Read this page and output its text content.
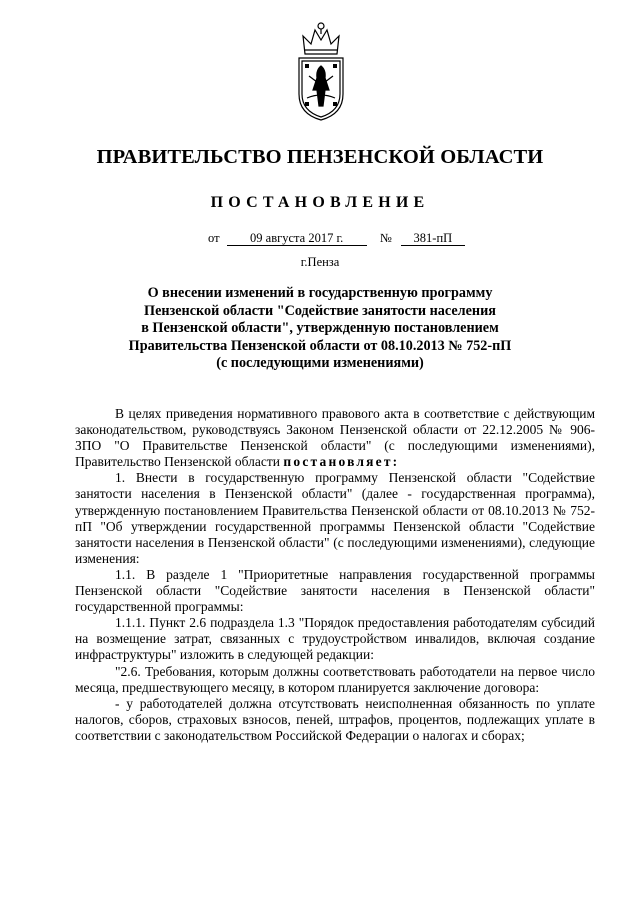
ПРАВИТЕЛЬСТВО ПЕНЗЕНСКОЙ ОБЛАСТИ
ПОСТАНОВЛЕНИЕ
от 09 августа 2017 г.	№ 381-пП
г.Пенза
О внесении изменений в государственную программу
Пензенской области "Содействие занятости населения
в Пензенской области", утвержденную постановлением
Правительства Пензенской области от 08.10.2013 № 752-пП
(с последующими изменениями)

В целях приведения нормативного правового акта в соответствие с действующим законодательством, руководствуясь Законом Пензенской области от 22.12.2005 № 906-ЗПО "О Правительстве Пензенской области" (с последующими изменениями), Правительство Пензенской области постановляет:

1. Внести в государственную программу Пензенской области "Содействие занятости населения в Пензенской области" (далее - государственная программа), утвержденную постановлением Правительства Пензенской области от 08.10.2013 № 752-пП "Об утверждении государственной программы Пензенской области "Содействие занятости населения в Пензенской области" (с последующими изменениями), следующие изменения:

1.1. В разделе 1 "Приоритетные направления государственной программы Пензенской области "Содействие занятости населения в Пензенской области" государственной программы:

1.1.1. Пункт 2.6 подраздела 1.3 "Порядок предоставления работодателям субсидий на возмещение затрат, связанных с трудоустройством инвалидов, включая создание инфраструктуры" изложить в следующей редакции:

"2.6. Требования, которым должны соответствовать работодатели на первое число месяца, предшествующего месяцу, в котором планируется заключение договора:

- у работодателей должна отсутствовать неисполненная обязанность по уплате налогов, сборов, страховых взносов, пеней, штрафов, процентов, подлежащих уплате в соответствии с законодательством Российской Федерации о налогах и сборах;
